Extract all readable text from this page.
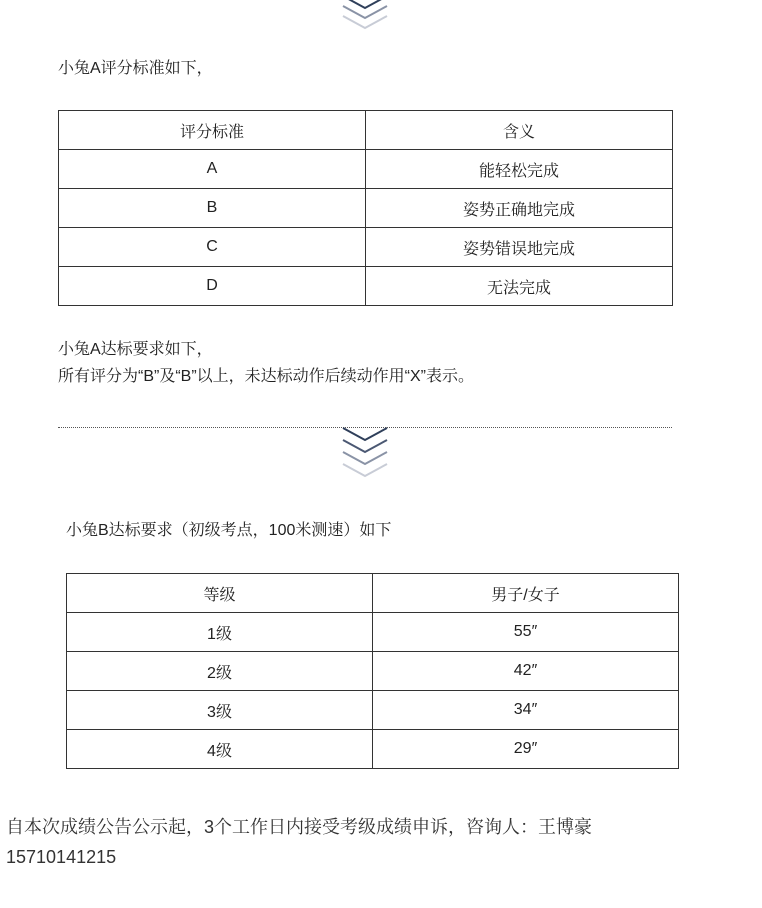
小兔A评分标准如下，
评分标准	含义
A	能轻松完成
B	姿势正确地完成
C	姿势错误地完成
D	无法完成
小兔A达标要求如下，
所有评分为“B”及“B”以上，未达标动作后续动作用“X”表示。
小兔B达标要求（初级考点，100米测速）如下
等级	男子/女子
1级	55″
2级	42″
3级	34″
4级	29″
自本次成绩公告公示起，3个工作日内接受考级成绩申诉，咨询人：王博豪
15710141215
